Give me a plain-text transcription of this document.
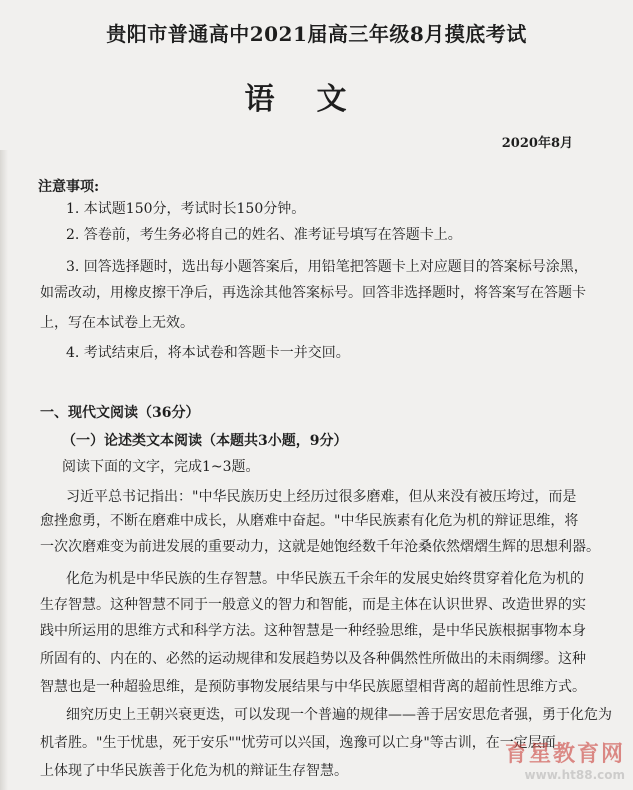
贵阳市普通高中2021届高三年级8月摸底考试
语文
2020年8月
注意事项:
1. 本试题150分，考试时长150分钟。
2. 答卷前，考生务必将自己的姓名、准考证号填写在答题卡上。
3. 回答选择题时，选出每小题答案后，用铅笔把答题卡上对应题目的答案标号涂黑，
如需改动，用橡皮擦干净后，再选涂其他答案标号。回答非选择题时，将答案写在答题卡
上，写在本试卷上无效。
4. 考试结束后，将本试卷和答题卡一并交回。
一、现代文阅读（36分）
（一）论述类文本阅读（本题共3小题，9分）
阅读下面的文字，完成1~3题。
习近平总书记指出："中华民族历史上经历过很多磨难，但从来没有被压垮过，而是
愈挫愈勇，不断在磨难中成长，从磨难中奋起。"中华民族素有化危为机的辩证思维，将
一次次磨难变为前进发展的重要动力，这就是她饱经数千年沧桑依然熠熠生辉的思想利器。
化危为机是中华民族的生存智慧。中华民族五千余年的发展史始终贯穿着化危为机的
生存智慧。这种智慧不同于一般意义的智力和智能，而是主体在认识世界、改造世界的实
践中所运用的思维方式和科学方法。这种智慧是一种经验思维，是中华民族根据事物本身
所固有的、内在的、必然的运动规律和发展趋势以及各种偶然性所做出的未雨绸缪。这种
智慧也是一种超验思维，是预防事物发展结果与中华民族愿望相背离的超前性思维方式。
细究历史上王朝兴衰更迭，可以发现一个普遍的规律——善于居安思危者强，勇于化危为
机者胜。"生于忧患，死于安乐""忧劳可以兴国，逸豫可以亡身"等古训，在一定层面
上体现了中华民族善于化危为机的辩证生存智慧。
育星教育网
www.ht88.com
